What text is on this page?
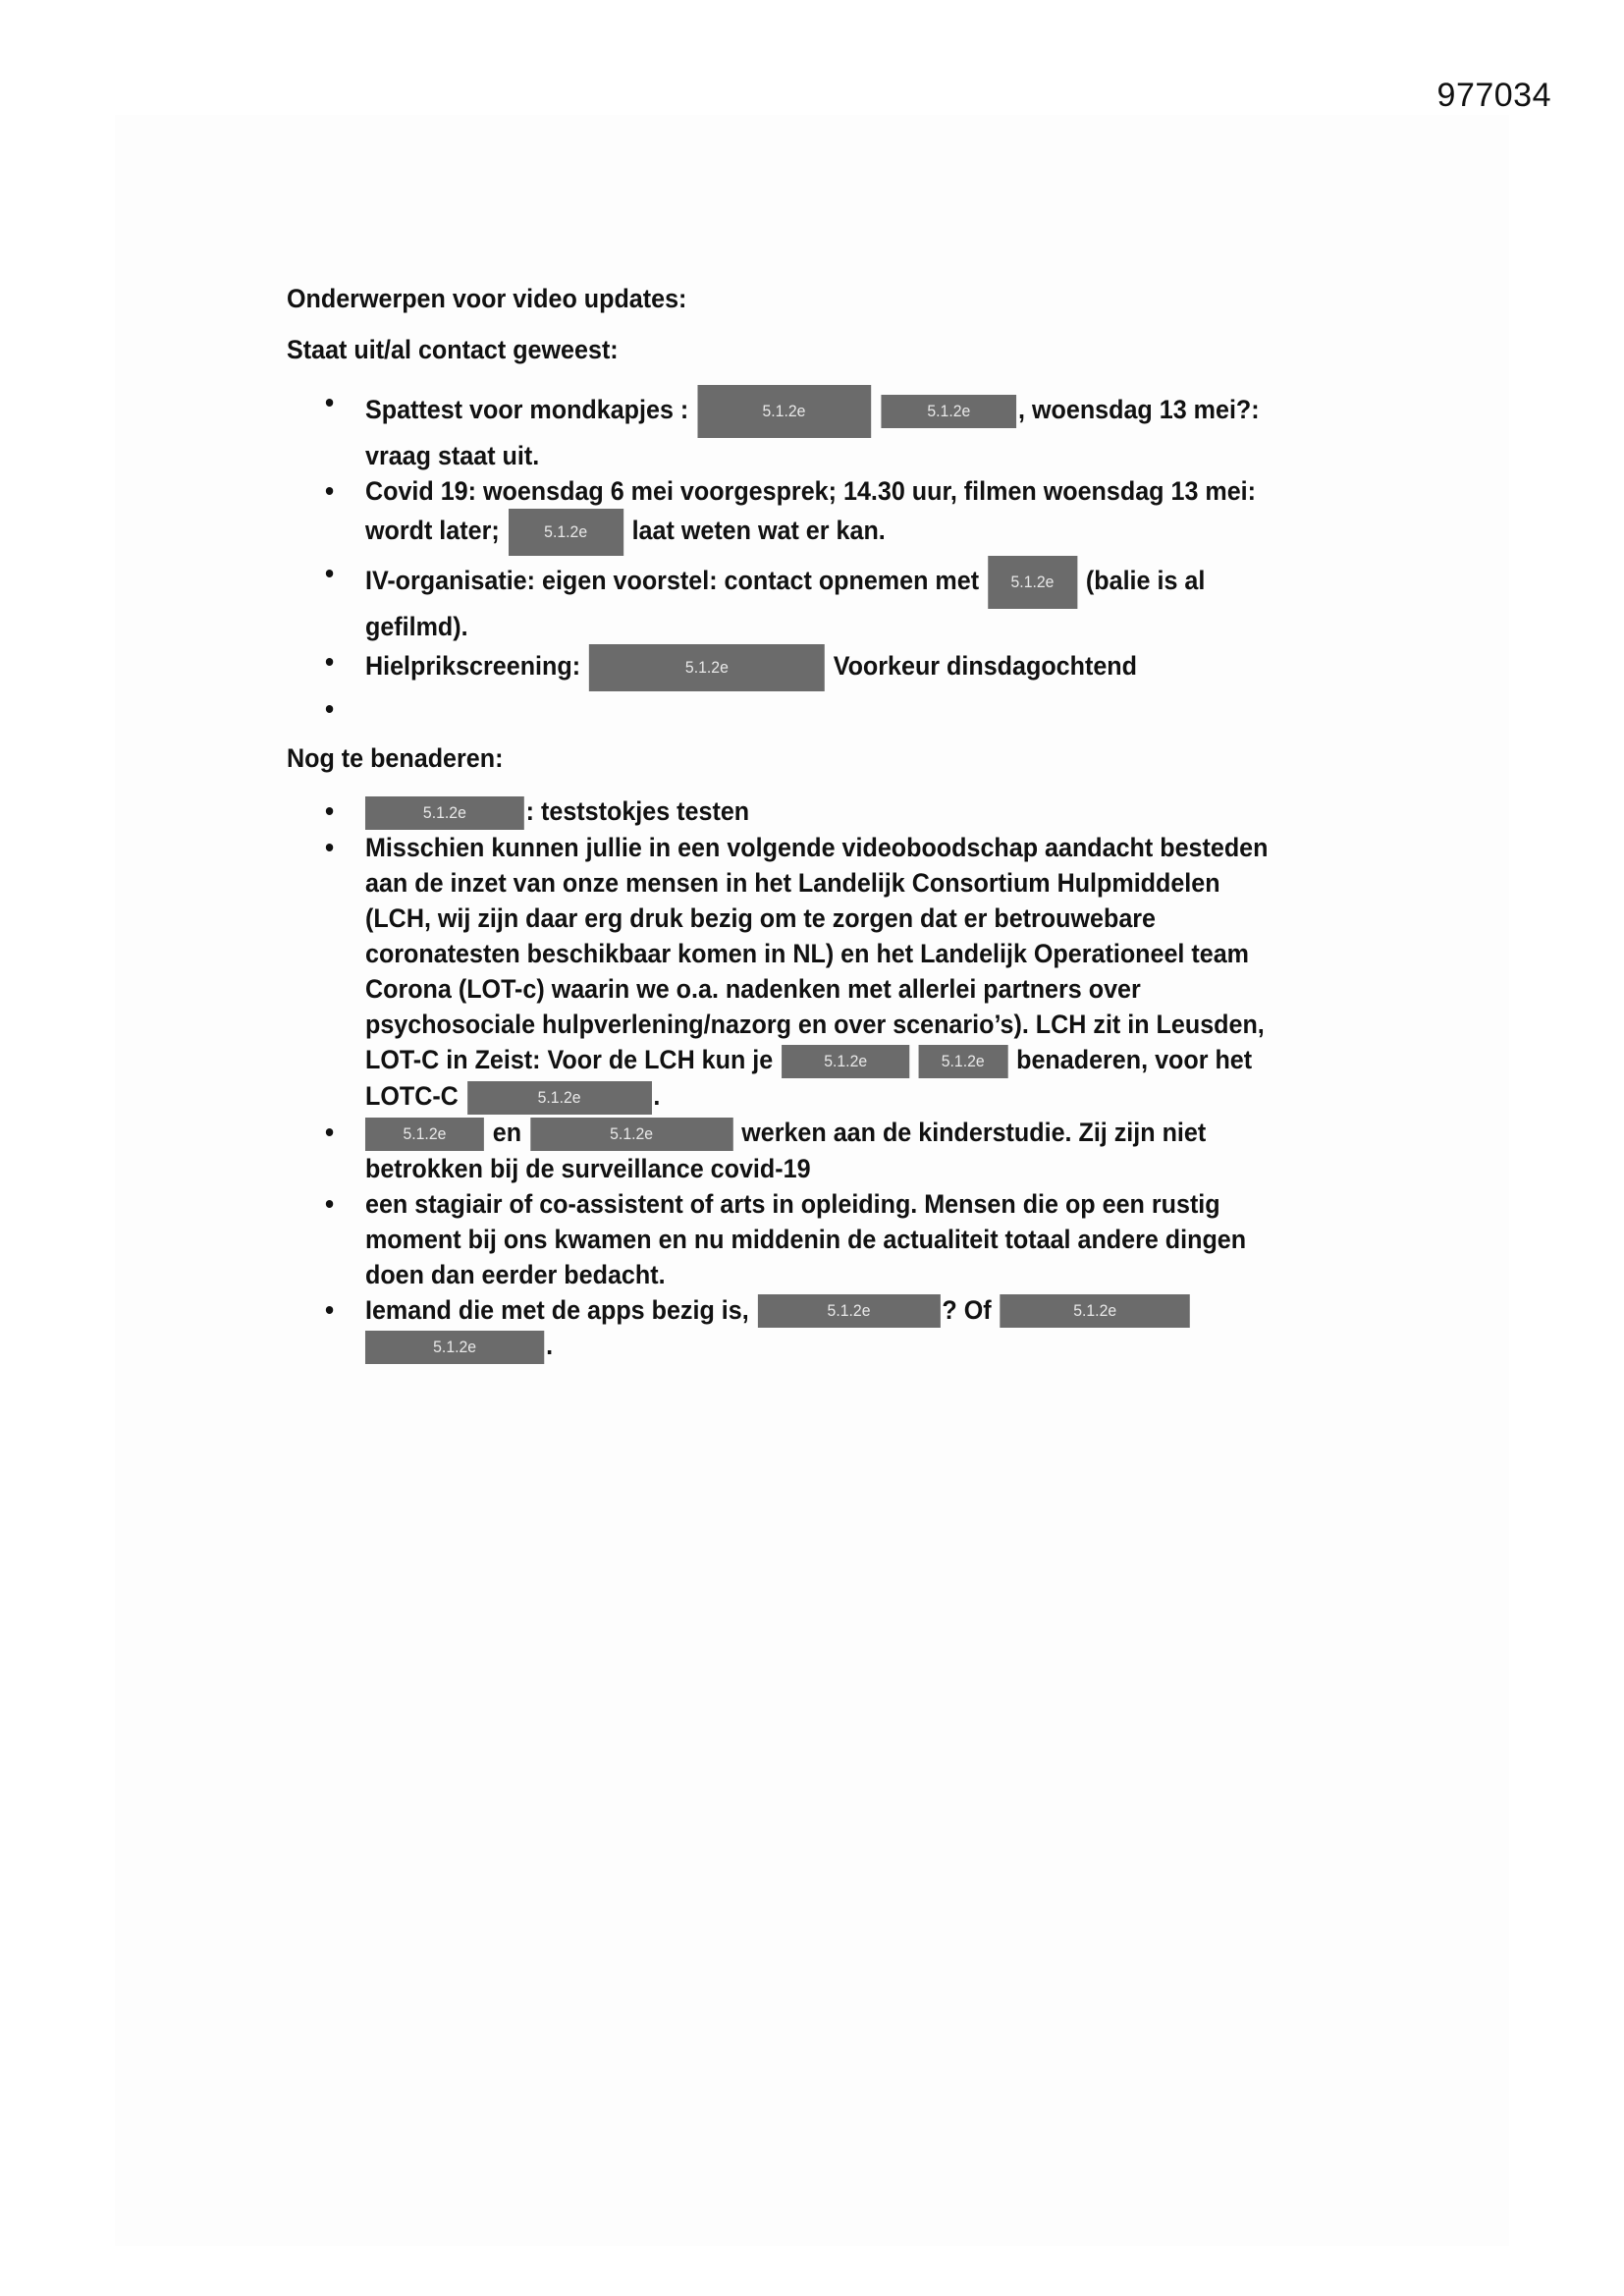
977034
Onderwerpen voor video updates:
Staat uit/al contact geweest:
• Spattest voor mondkapjes :	5.1.2e	5.1.2e , woensdag 13 mei?: vraag staat uit.
• Covid 19: woensdag 6 mei voorgesprek; 14.30 uur, filmen woensdag 13 mei: wordt later;	5.1.2e laat weten wat er kan.
• IV-organisatie: eigen voorstel: contact opnemen met 5.1.2e (balie is al gefilmd).
• Hielprikscreening:	5.1.2e	Voorkeur dinsdagochtend
•
Nog te benaderen:
• 5.1.2e : teststokjes testen
• Misschien kunnen jullie in een volgende videoboodschap aandacht besteden aan de inzet van onze mensen in het Landelijk Consortium Hulpmiddelen (LCH, wij zijn daar erg druk bezig om te zorgen dat er betrouwebare coronatesten beschikbaar komen in NL) en het Landelijk Operationeel team Corona (LOT-c) waarin we o.a. nadenken met allerlei partners over psychosociale hulpverlening/nazorg en over scenario’s). LCH zit in Leusden, LOT-C in Zeist: Voor de LCH kun je	5.1.2e	5.1.2e benaderen, voor het LOTC-C	5.1.2e	.
• 5.1.2e en	5.1.2e	werken aan de kinderstudie. Zij zijn niet betrokken bij de surveillance covid-19
• een stagiair of co-assistent of arts in opleiding. Mensen die op een rustig moment bij ons kwamen en nu middenin de actualiteit totaal andere dingen doen dan eerder bedacht.
• Iemand die met de apps bezig is,	5.1.2e	? Of	5.1.2e 5.1.2e	.
